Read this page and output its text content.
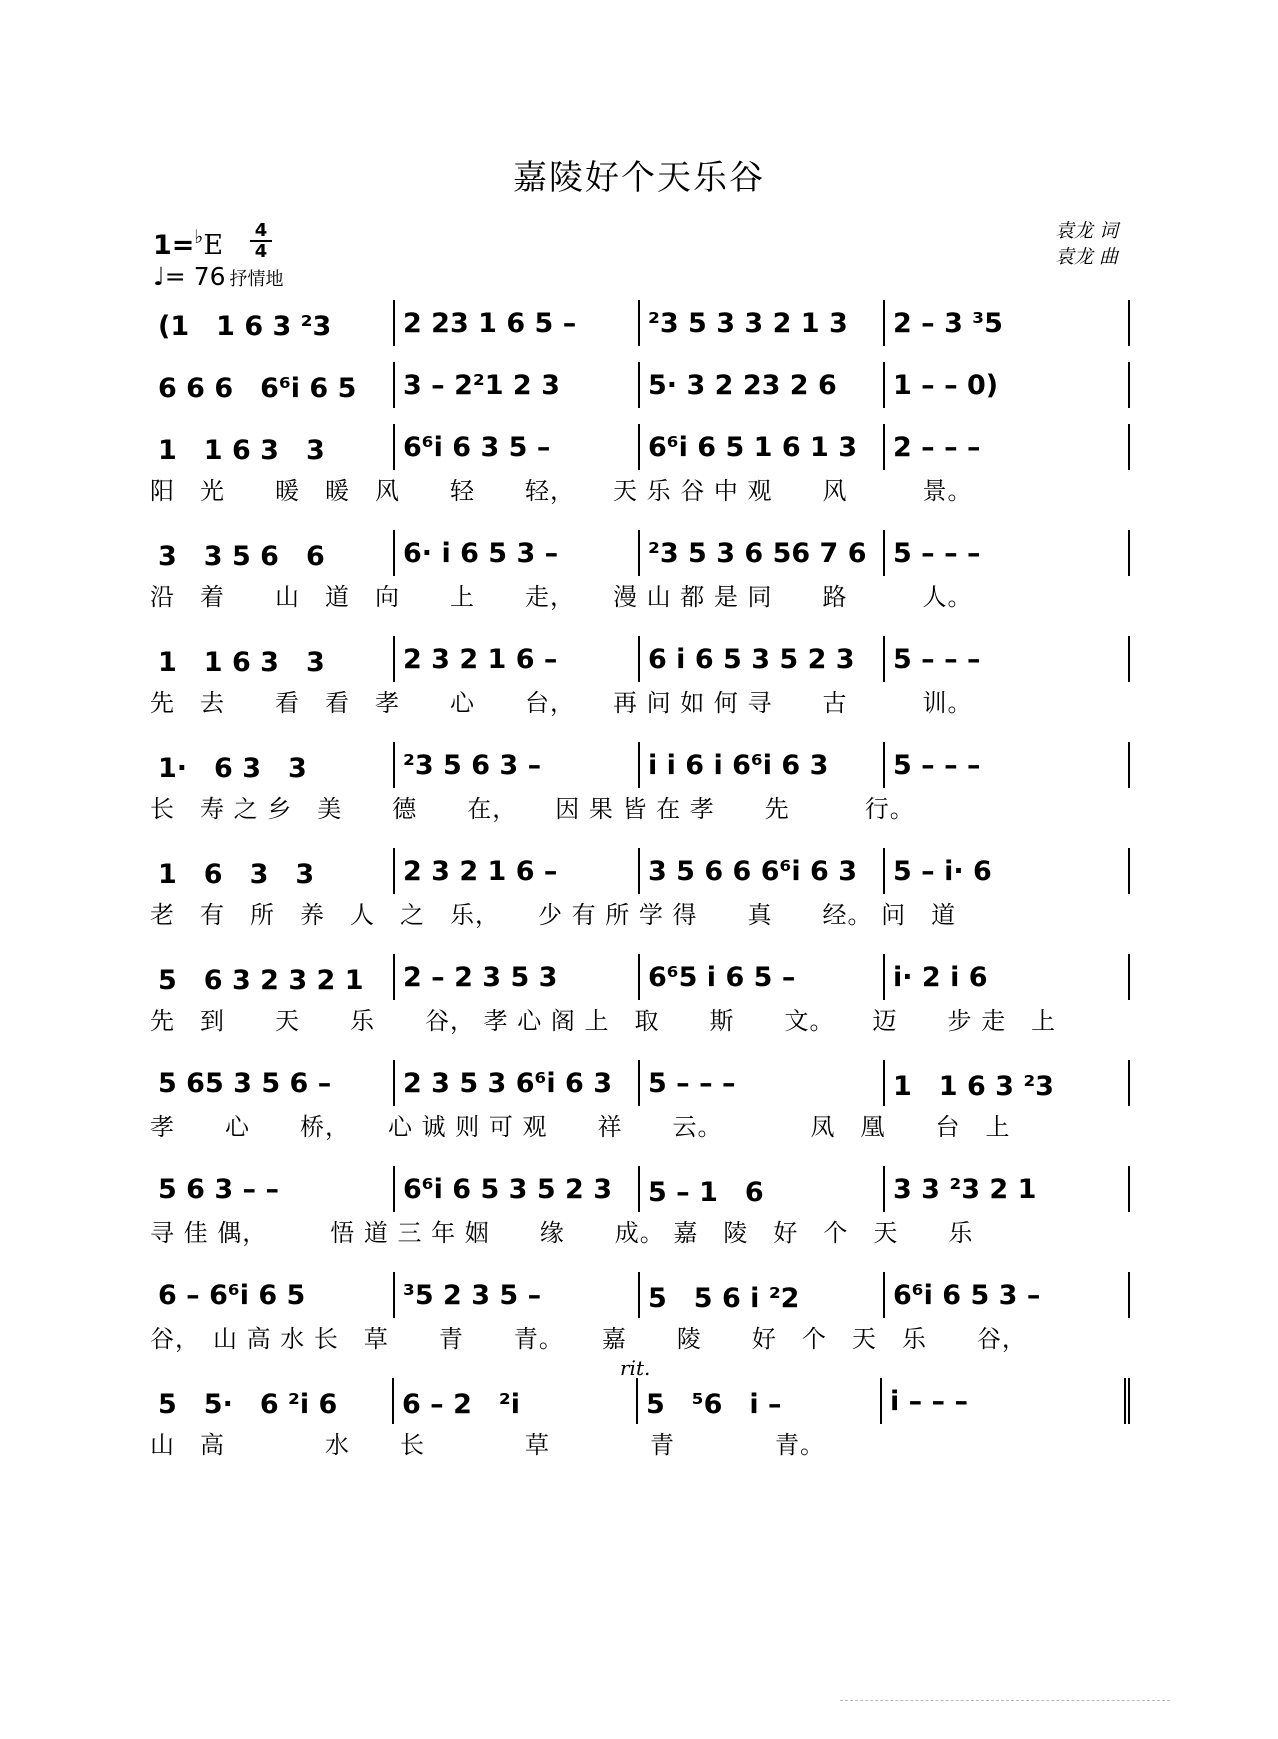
嘉陵好个天乐谷
1=♭E 4
4
♩= 76 抒情地
袁龙 词
袁龙 曲
(1　1 6 3 ²3	2 23 1 6 5 –	²3 5 3 3 2 1 3	2 – 3 ³5
6 6 6　6⁶i 6 5	3 – 2²1 2 3	5· 3 2 23 2 6	1 – – 0)
1　1 6 3　3	6⁶i 6 3 5 –	6⁶i 6 5 1 6 1 3	2 – – –
阳　光　　暖　暖　风　　轻　　轻，　　天 乐 谷 中 观　　风　　　景。
3　3 5 6　6	6· i 6 5 3 –	²3 5 3 6 56 7 6 5 – – –
沿　着　　山　道　向　　上　　走，　　漫 山 都 是 同　　路　　　人。
1　1 6 3　3	2 3 2 1 6 –	6 i 6 5 3 5 2 3	5 – – –
先　去　　看　看　孝　　心　　台，　　再 问 如 何 寻　　古　　　训。
1·　6 3　3	²3 5 6 3 –	i i 6 i 6⁶i 6 3	5 – – –
长　寿 之 乡　美　　德　　在，　　因 果 皆 在 孝　　先　　　行。
1　6　3　3	2 3 2 1 6 –	3 5 6 6 6⁶i 6 3	5 – i· 6
老　有　所　养　人　之　乐，　　少 有 所 学 得　　真　　经。 问　道
5　6 3 2 3 2 1	2 – 2 3 5 3	6⁶5 i 6 5 –	i· 2 i 6
先　到　　天　　乐　　谷， 孝 心 阁 上　取　　斯　　文。　　迈　　步 走　上
5 65 3 5 6 –	2 3 5 3 6⁶i 6 3	5 – – –	1　1 6 3 ²3
孝　　心　　桥，　　心 诚 则 可 观　　祥　　云。　　　　凤　凰　　台　上
5 6 3 – –	6⁶i 6 5 3 5 2 3	5 – 1　6	3 3 ²3 2 1
寻 佳 偶，　　　悟 道 三 年 姻　　缘　　成。 嘉　陵　好　个　天　　乐
6 – 6⁶i 6 5	³5 2 3 5 –	5　5 6 i ²2	6⁶i 6 5 3 –
谷，　山 高 水 长　草　　青　　青。　　嘉　　陵　　好　个　天　乐　　谷，
5　5·　6 ²i 6	6 – 2　²i	5　⁵6　i –	i – – –
山　高　　　　水　　长　　　　草　　　　青　　　　青。
rit.
